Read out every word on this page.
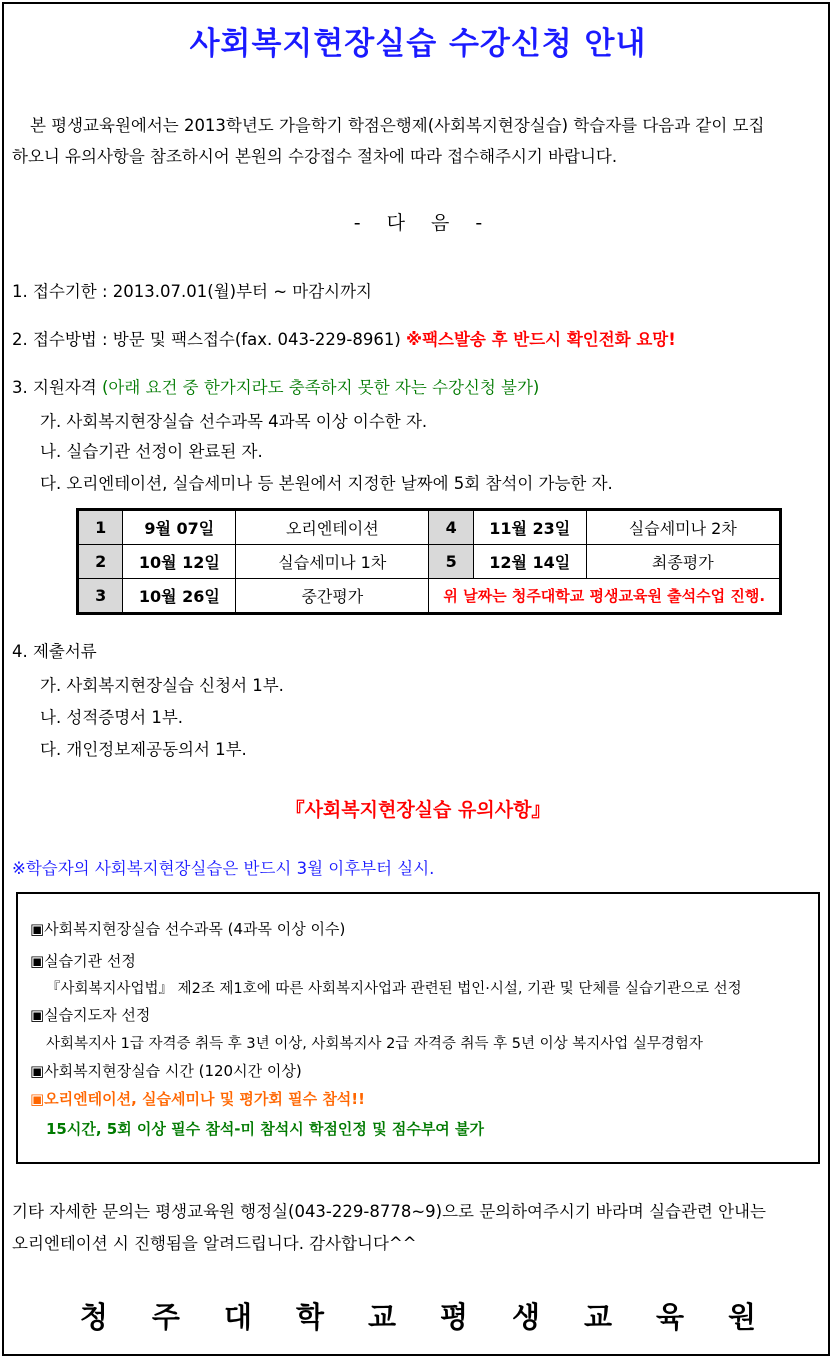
사회복지현장실습 수강신청 안내
본 평생교육원에서는 2013학년도 가을학기 학점은행제(사회복지현장실습) 학습자를 다음과 같이 모집
하오니 유의사항을 참조하시어 본원의 수강접수 절차에 따라 접수해주시기 바랍니다.
- 다 음 -
1. 접수기한 : 2013.07.01(월)부터 ~ 마감시까지
2. 접수방법 : 방문 및 팩스접수(fax. 043-229-8961) ※팩스발송 후 반드시 확인전화 요망!
3. 지원자격 (아래 요건 중 한가지라도 충족하지 못한 자는 수강신청 불가)
가. 사회복지현장실습 선수과목 4과목 이상 이수한 자.
나. 실습기관 선정이 완료된 자.
다. 오리엔테이션, 실습세미나 등 본원에서 지정한 날짜에 5회 참석이 가능한 자.
1	9월 07일	오리엔테이션	4	11월 23일	실습세미나 2차
2	10월 12일	실습세미나 1차	5	12월 14일	최종평가
3	10월 26일	중간평가	위 날짜는 청주대학교 평생교육원 출석수업 진행.		
4. 제출서류
가. 사회복지현장실습 신청서 1부.
나. 성적증명서 1부.
다. 개인정보제공동의서 1부.
『사회복지현장실습 유의사항』
※학습자의 사회복지현장실습은 반드시 3월 이후부터 실시.
▣사회복지현장실습 선수과목 (4과목 이상 이수)
▣실습기관 선정
『사회복지사업법』 제2조 제1호에 따른 사회복지사업과 관련된 법인·시설, 기관 및 단체를 실습기관으로 선정
▣실습지도자 선정
사회복지사 1급 자격증 취득 후 3년 이상, 사회복지사 2급 자격증 취득 후 5년 이상 복지사업 실무경험자
▣사회복지현장실습 시간 (120시간 이상)
▣오리엔테이션, 실습세미나 및 평가회 필수 참석!!
15시간, 5회 이상 필수 참석-미 참석시 학점인정 및 점수부여 불가
기타 자세한 문의는 평생교육원 행정실(043-229-8778~9)으로 문의하여주시기 바라며 실습관련 안내는
오리엔테이션 시 진행됨을 알려드립니다. 감사합니다^^
청주대학교평생교육원
